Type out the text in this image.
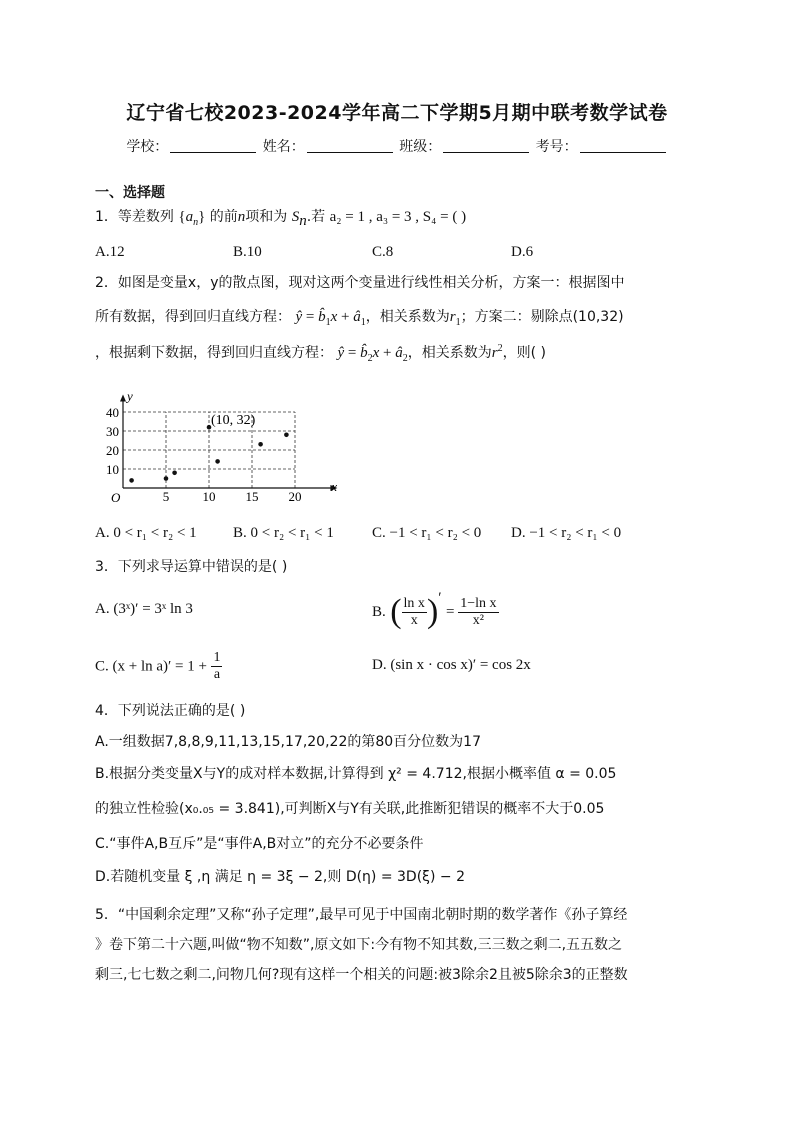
辽宁省七校2023-2024学年高二下学期5月期中联考数学试卷
学校：	姓名：	班级：	考号：
一、选择题
1．等差数列 $\{a_n\}$ 的前n项和为 $S_n$.若 a₂ = 1 , a₃ = 3 , S₄ = ( )
A.12	B.10	C.8	D.6
2．如图是变量x，y的散点图，现对这两个变量进行线性相关分析，方案一：根据图中
所有数据，得到回归直线方程： ŷ = $b̂_1x$ + $â_1$，相关系数为$r_1$；方案二：剔除点(10,32)
，根据剩下数据，得到回归直线方程： ŷ = $b̂_2x$ + $â_2$，相关系数为$r^2$，则( )
5	10 15 20
10
20
30
40
O
x
y
(10, 32)
A. 0 < r₁ < r₂ < 1 B. 0 < r₂ < r₁ < 1	C. −1 < r₁ < r₂ < 0 D. −1 < r₂ < r₁ < 0
3．下列求导运算中错误的是( )
A. (3ˣ)′ = 3ˣ ln 3	B. ( $\frac{\text{ln x}}{x}$ )′ = $\frac{\text{1−ln x}}{\text{x²}}$
C. $(x + \ln a)' = 1 + \frac{1}{a}$	D. (sin x · cos x)′ = cos 2x
4．下列说法正确的是( )
A.一组数据7,8,8,9,11,13,15,17,20,22的第80百分位数为17
B.根据分类变量X与Y的成对样本数据,计算得到 χ² = 4.712,根据小概率值 α = 0.05
的独立性检验(x₀.₀₅ = 3.841),可判断X与Y有关联,此推断犯错误的概率不大于0.05
C.“事件A,B互斥”是“事件A,B对立”的充分不必要条件
D.若随机变量 ξ ,η 满足 η = 3ξ − 2,则 D(η) = 3D(ξ) − 2
5．“中国剩余定理”又称“孙子定理”,最早可见于中国南北朝时期的数学著作《孙子算经
》卷下第二十六题,叫做“物不知数”,原文如下:今有物不知其数,三三数之剩二,五五数之
剩三,七七数之剩二,问物几何?现有这样一个相关的问题:被3除余2且被5除余3的正整数
